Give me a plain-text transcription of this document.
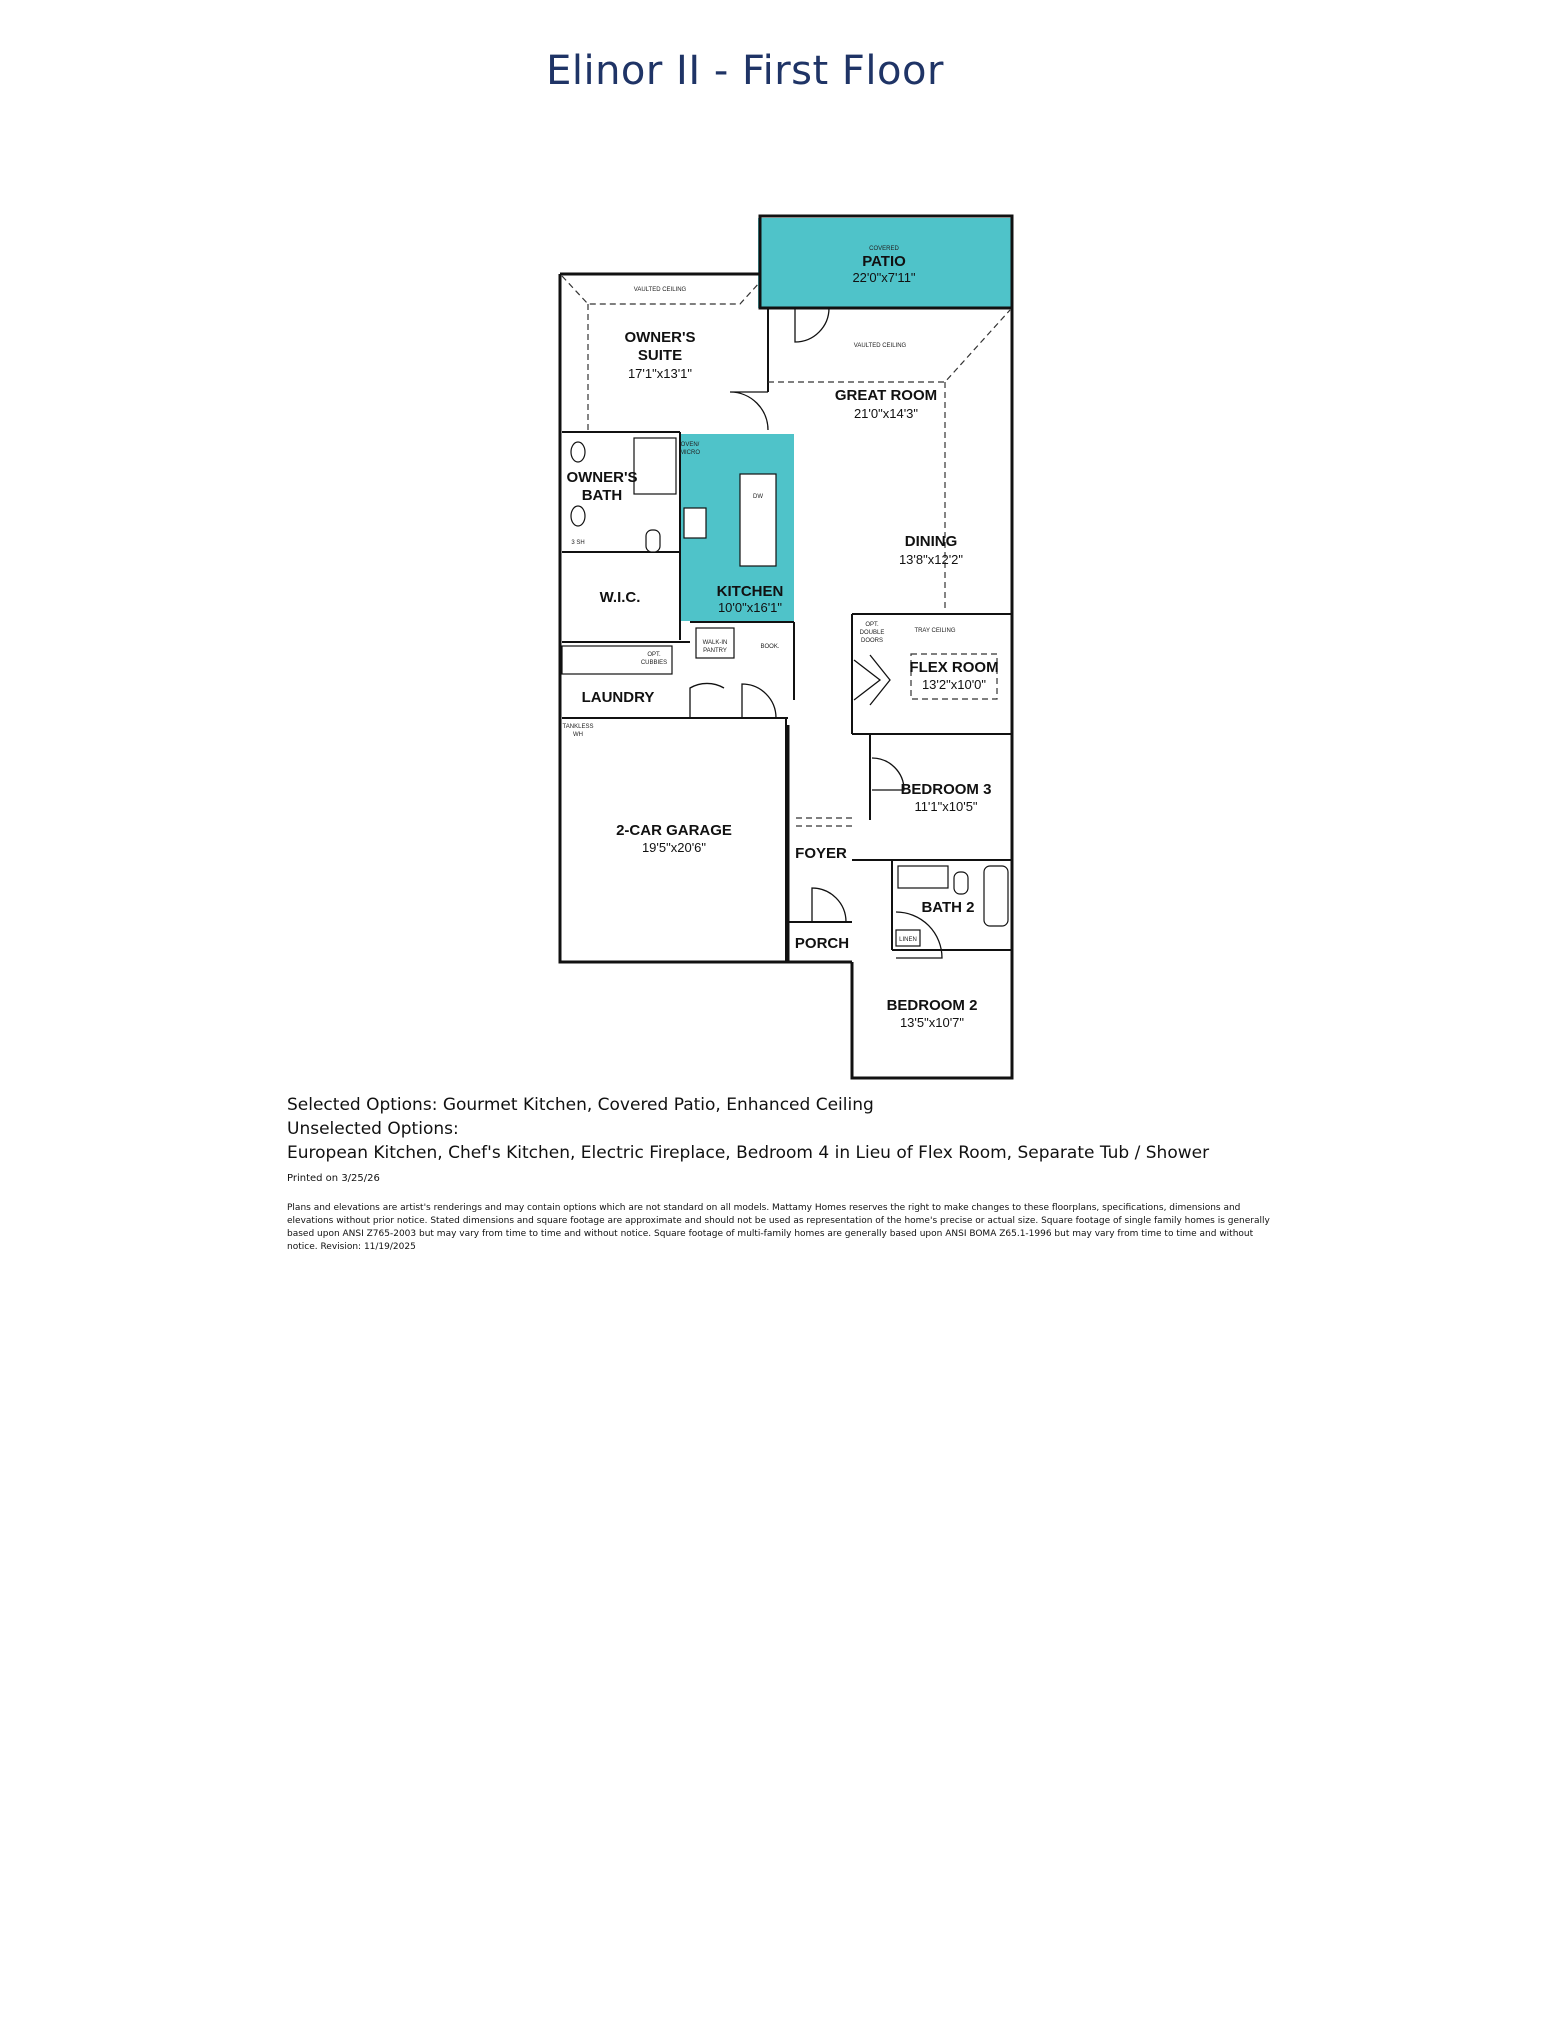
Elinor II - First Floor
OVEN/
MICRO
WALK-IN
PANTRY
BOOK.
LINEN
DW
3 SH
OPT.
CUBBIES
COVERED
VAULTED CEILING
VAULTED CEILING
TRAY CEILING
OPT.
DOUBLE
DOORS
TANKLESS
WH
PATIO
22'0"x7'11"
OWNER'S
SUITE
17'1"x13'1"
GREAT ROOM
21'0"x14'3"
OWNER'S
BATH
KITCHEN
10'0"x16'1"
DINING
13'8"x12'2"
W.I.C.
FLEX ROOM
13'2"x10'0"
LAUNDRY
BEDROOM 3
11'1"x10'5"
2-CAR GARAGE
19'5"x20'6"	FOYER
BATH 2
PORCH
BEDROOM 2
13'5"x10'7"
Selected Options: Gourmet Kitchen, Covered Patio, Enhanced Ceiling
Unselected Options:
European Kitchen, Chef's Kitchen, Electric Fireplace, Bedroom 4 in Lieu of Flex Room, Separate Tub / Shower
Printed on 3/25/26
Plans and elevations are artist's renderings and may contain options which are not standard on all models. Mattamy Homes reserves the right to make changes to these floorplans, specifications, dimensions and elevations without prior notice. Stated dimensions and square footage are approximate and should not be used as representation of the home's precise or actual size. Square footage of single family homes is generally based upon ANSI Z765-2003 but may vary from time to time and without notice. Square footage of multi-family homes are generally based upon ANSI BOMA Z65.1-1996 but may vary from time to time and without notice. Revision: 11/19/2025
